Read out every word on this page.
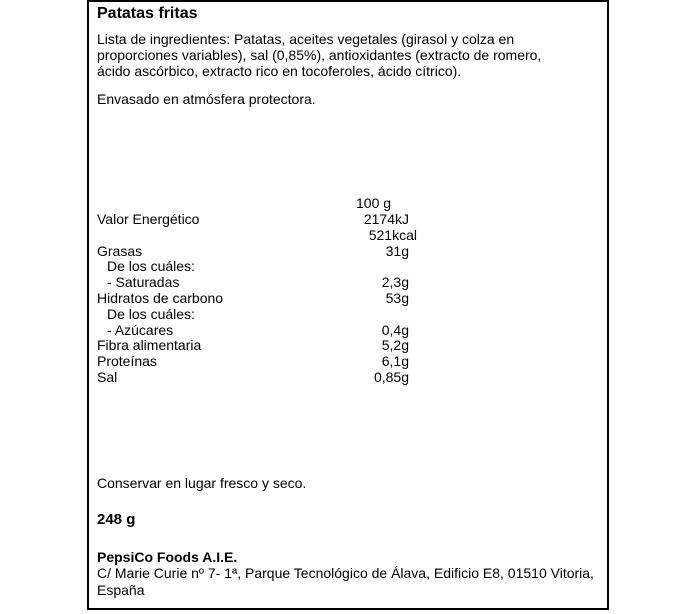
Patatas fritas
Lista de ingredientes: Patatas, aceites vegetales (girasol y colza en proporciones variables), sal (0,85%), antioxidantes (extracto de romero, ácido ascórbico, extracto rico en tocoferoles, ácido cítrico).
Envasado en atmósfera protectora.
100 g
Valor Energético	2174kJ
521kcal
Grasas	31g
De los cuáles:
- Saturadas	2,3g
Hidratos de carbono	53g
De los cuáles:
- Azúcares	0,4g
Fibra alimentaria	5,2g
Proteínas	6,1g
Sal	0,85g
Conservar en lugar fresco y seco.
248 g
PepsiCo Foods A.I.E.
C/ Marie Curie nº 7- 1ª, Parque Tecnológico de Álava, Edificio E8, 01510 Vitoria,
España
